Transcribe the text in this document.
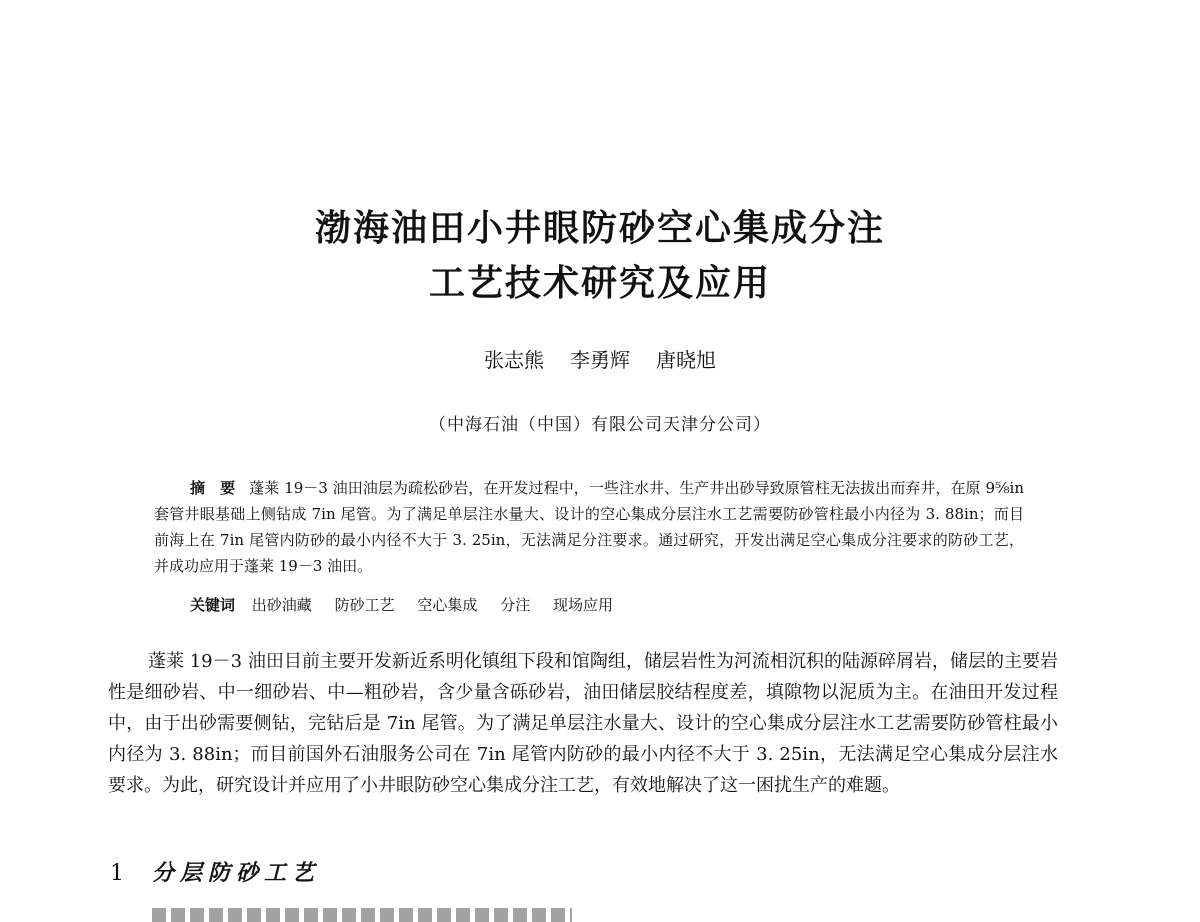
渤海油田小井眼防砂空心集成分注
工艺技术研究及应用
张志熊 李勇辉 唐晓旭
（中海石油（中国）有限公司天津分公司）
摘　要 蓬莱 19－3 油田油层为疏松砂岩，在开发过程中，一些注水井、生产井出砂导致原管柱无法拔出而弃井，在原 9⅝in 套管井眼基础上侧钻成 7in 尾管。为了满足单层注水量大、设计的空心集成分层注水工艺需要防砂管柱最小内径为 3. 88in；而目前海上在 7in 尾管内防砂的最小内径不大于 3. 25in，无法满足分注要求。通过研究，开发出满足空心集成分注要求的防砂工艺，并成功应用于蓬莱 19－3 油田。
关键词 出砂油藏 防砂工艺 空心集成 分注 现场应用
蓬莱 19－3 油田目前主要开发新近系明化镇组下段和馆陶组，储层岩性为河流相沉积的陆源碎屑岩，储层的主要岩性是细砂岩、中一细砂岩、中—粗砂岩，含少量含砾砂岩，油田储层胶结程度差，填隙物以泥质为主。在油田开发过程中，由于出砂需要侧钻，完钻后是 7in 尾管。为了满足单层注水量大、设计的空心集成分层注水工艺需要防砂管柱最小内径为 3. 88in；而目前国外石油服务公司在 7in 尾管内防砂的最小内径不大于 3. 25in，无法满足空心集成分层注水要求。为此，研究设计并应用了小井眼防砂空心集成分注工艺，有效地解决了这一困扰生产的难题。
1 分层防砂工艺
